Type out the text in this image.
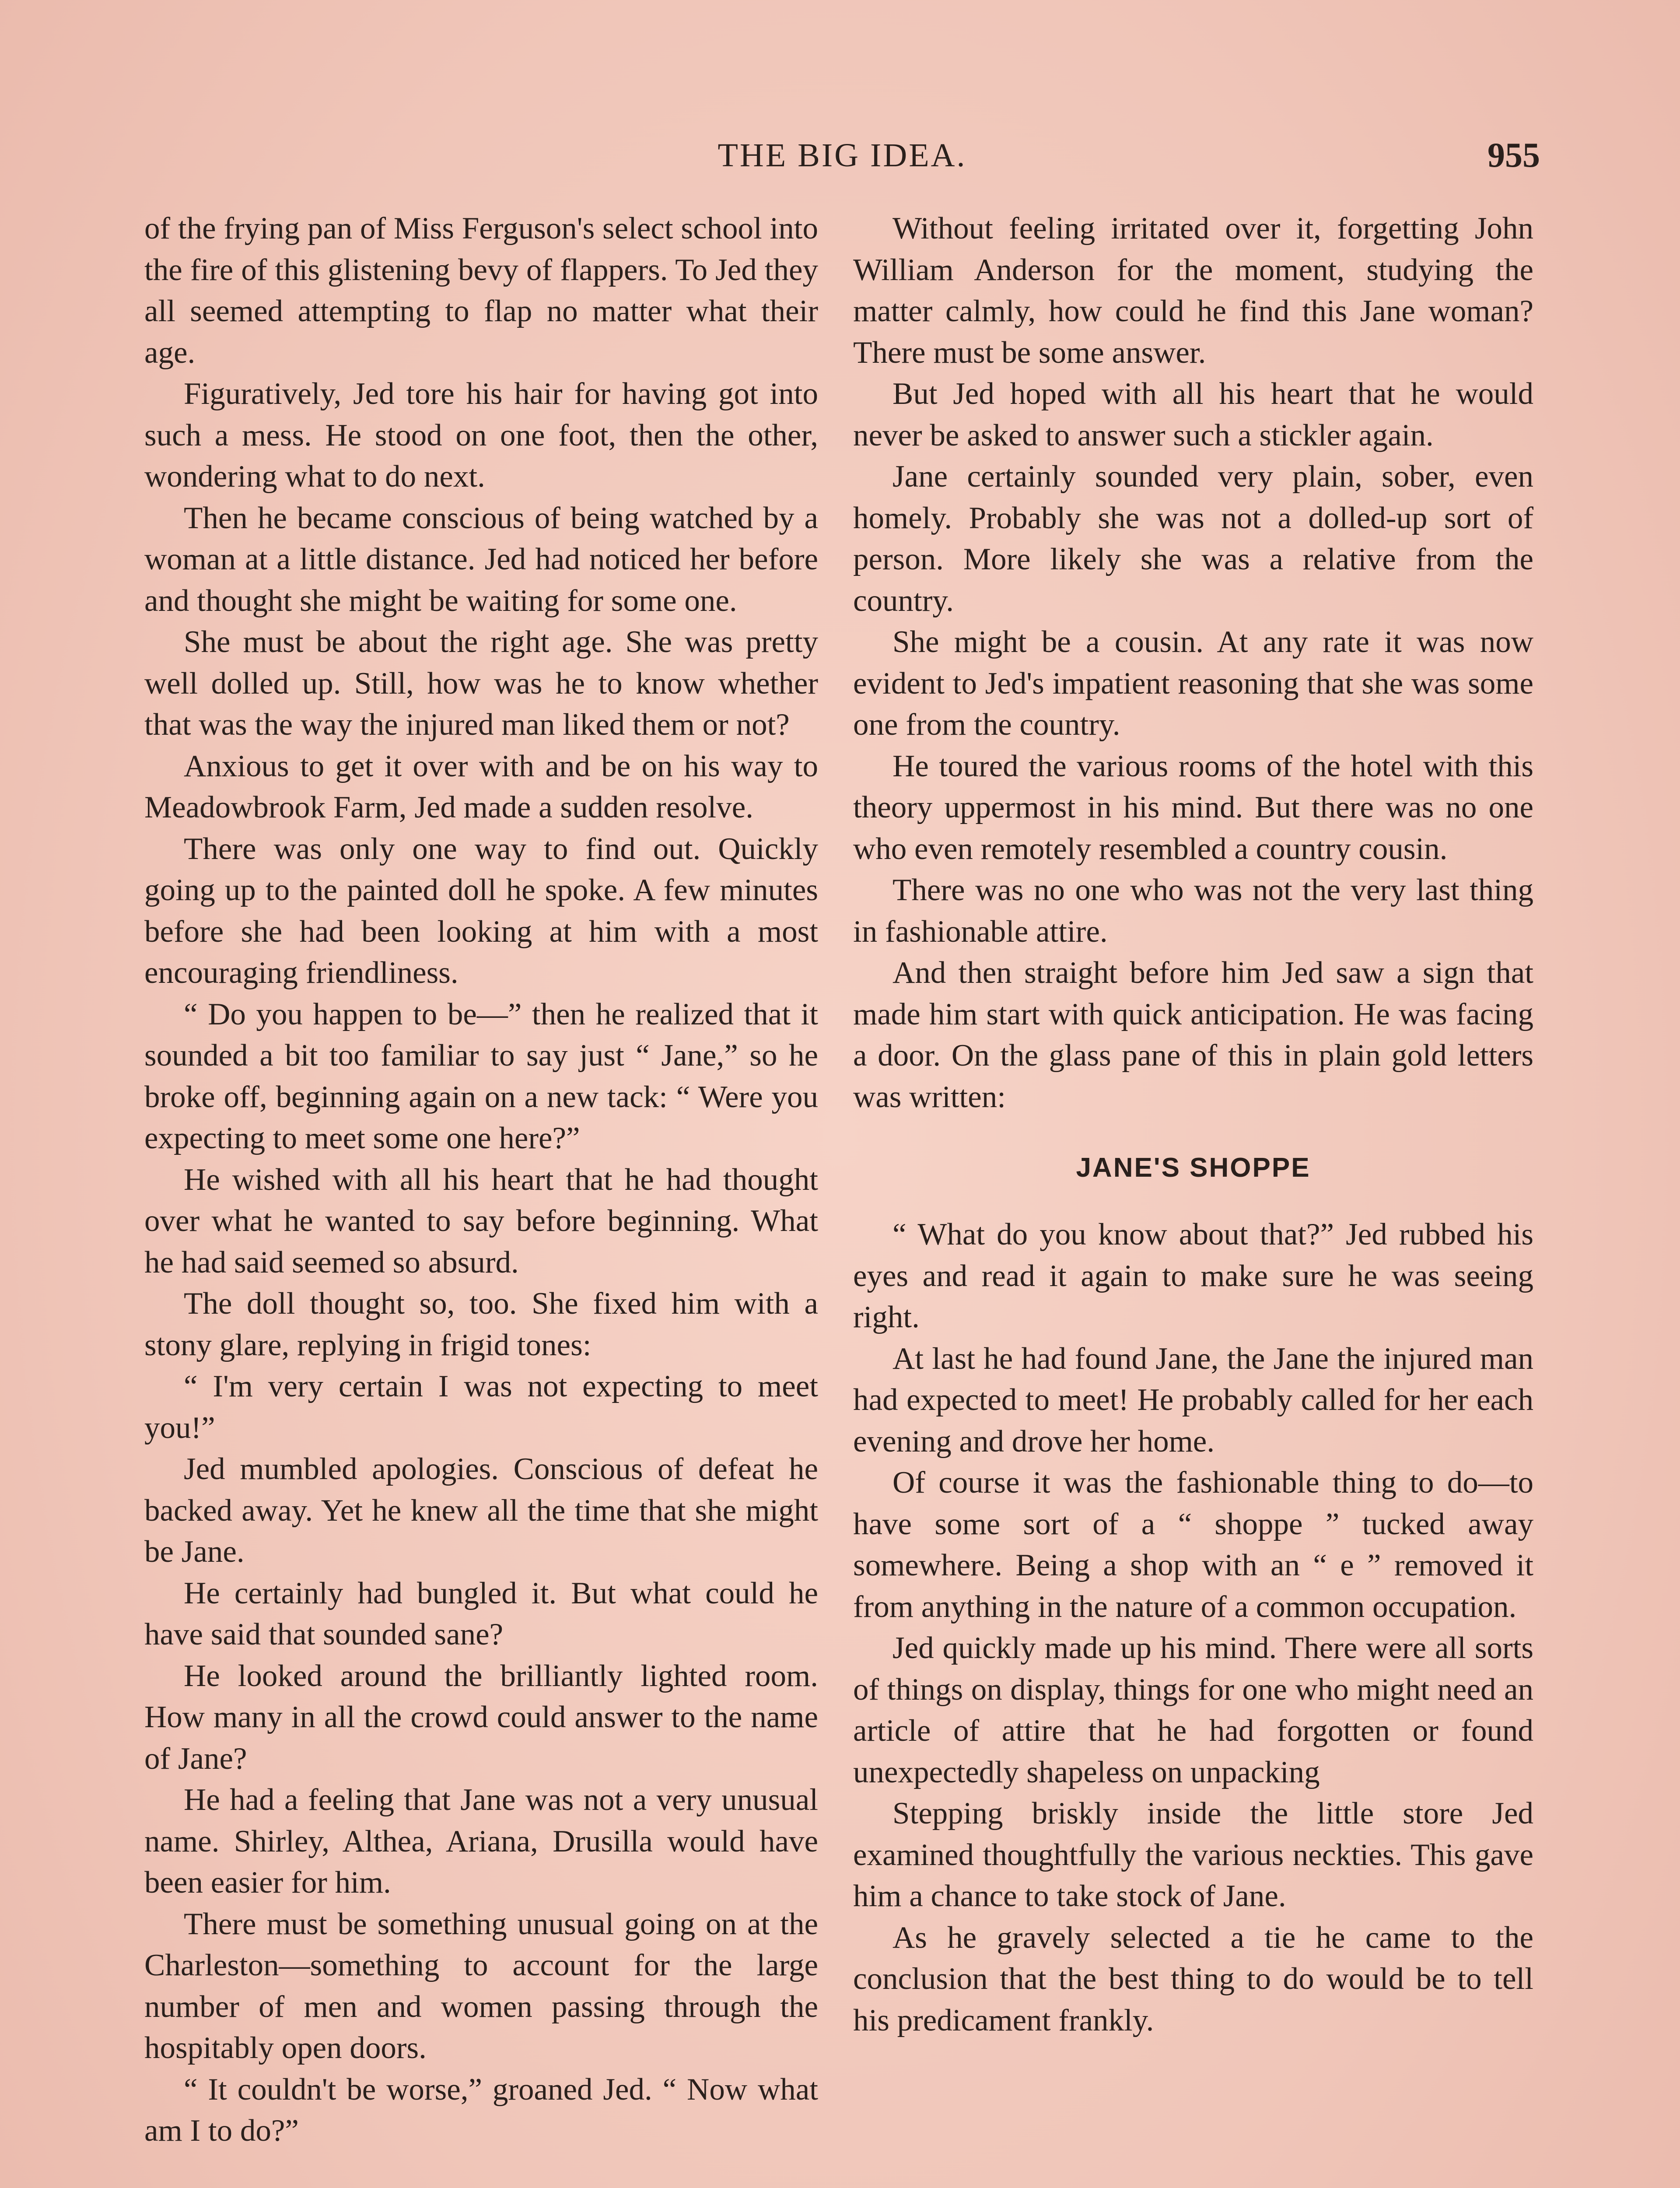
THE BIG IDEA.	955

of the frying pan of Miss Ferguson's select school into the fire of this glistening bevy of flappers. To Jed they all seemed attempting to flap no matter what their age.

Figuratively, Jed tore his hair for having got into such a mess. He stood on one foot, then the other, wondering what to do next.

Then he became conscious of being watched by a woman at a little distance. Jed had noticed her before and thought she might be waiting for some one.

She must be about the right age. She was pretty well dolled up. Still, how was he to know whether that was the way the injured man liked them or not?

Anxious to get it over with and be on his way to Meadowbrook Farm, Jed made a sudden resolve.

There was only one way to find out. Quickly going up to the painted doll he spoke. A few minutes before she had been looking at him with a most encouraging friendliness.

“ Do you happen to be—” then he realized that it sounded a bit too familiar to say just “ Jane,” so he broke off, beginning again on a new tack: “ Were you expecting to meet some one here?”

He wished with all his heart that he had thought over what he wanted to say before beginning. What he had said seemed so absurd.

The doll thought so, too. She fixed him with a stony glare, replying in frigid tones:

“ I'm very certain I was not expecting to meet you!”

Jed mumbled apologies. Conscious of defeat he backed away. Yet he knew all the time that she might be Jane.

He certainly had bungled it. But what could he have said that sounded sane?

He looked around the brilliantly lighted room. How many in all the crowd could answer to the name of Jane?

He had a feeling that Jane was not a very unusual name. Shirley, Althea, Ariana, Drusilla would have been easier for him.

There must be something unusual going on at the Charleston—something to account for the large number of men and women passing through the hospitably open doors.

“ It couldn't be worse,” groaned Jed. “ Now what am I to do?”

Without feeling irritated over it, forgetting John William Anderson for the moment, studying the matter calmly, how could he find this Jane woman? There must be some answer.

But Jed hoped with all his heart that he would never be asked to answer such a stickler again.

Jane certainly sounded very plain, sober, even homely. Probably she was not a dolled-up sort of person. More likely she was a relative from the country.

She might be a cousin. At any rate it was now evident to Jed's impatient reasoning that she was some one from the country.

He toured the various rooms of the hotel with this theory uppermost in his mind. But there was no one who even remotely resembled a country cousin.

There was no one who was not the very last thing in fashionable attire.

And then straight before him Jed saw a sign that made him start with quick anticipation. He was facing a door. On the glass pane of this in plain gold letters was written:

JANE'S SHOPPE

“ What do you know about that?” Jed rubbed his eyes and read it again to make sure he was seeing right.

At last he had found Jane, the Jane the injured man had expected to meet! He probably called for her each evening and drove her home.

Of course it was the fashionable thing to do—to have some sort of a “ shoppe ” tucked away somewhere. Being a shop with an “ e ” removed it from anything in the nature of a common occupation.

Jed quickly made up his mind. There were all sorts of things on display, things for one who might need an article of attire that he had forgotten or found unexpectedly shapeless on unpacking

Stepping briskly inside the little store Jed examined thoughtfully the various neckties. This gave him a chance to take stock of Jane.

As he gravely selected a tie he came to the conclusion that the best thing to do would be to tell his predicament frankly.
